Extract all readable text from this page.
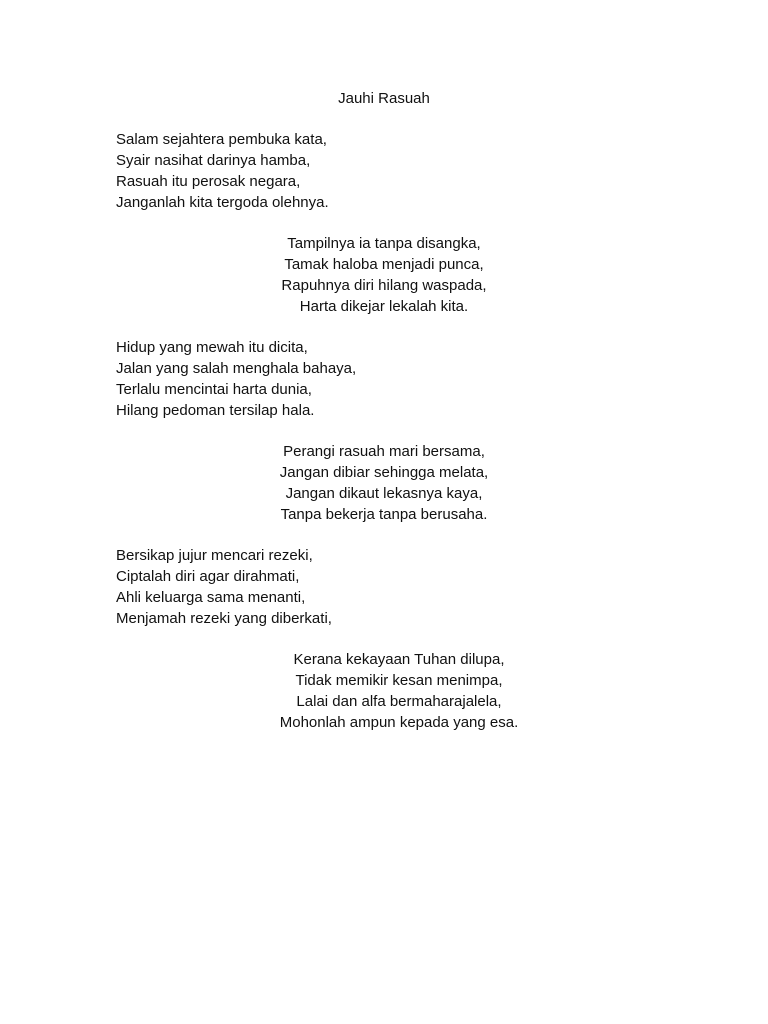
Jauhi Rasuah
Salam sejahtera pembuka kata,
Syair nasihat darinya hamba,
Rasuah itu perosak negara,
Janganlah kita tergoda olehnya.
Tampilnya ia tanpa disangka,
Tamak haloba menjadi punca,
Rapuhnya diri hilang waspada,
Harta dikejar lekalah kita.
Hidup yang mewah itu dicita,
Jalan yang salah menghala bahaya,
Terlalu mencintai harta dunia,
Hilang pedoman tersilap hala.
Perangi rasuah mari bersama,
Jangan dibiar sehingga melata,
Jangan dikaut lekasnya kaya,
Tanpa bekerja tanpa berusaha.
Bersikap jujur mencari rezeki,
Ciptalah diri agar dirahmati,
Ahli keluarga sama menanti,
Menjamah rezeki yang diberkati,
Kerana kekayaan Tuhan dilupa,
Tidak memikir kesan menimpa,
Lalai dan alfa bermaharajalela,
Mohonlah ampun kepada yang esa.
